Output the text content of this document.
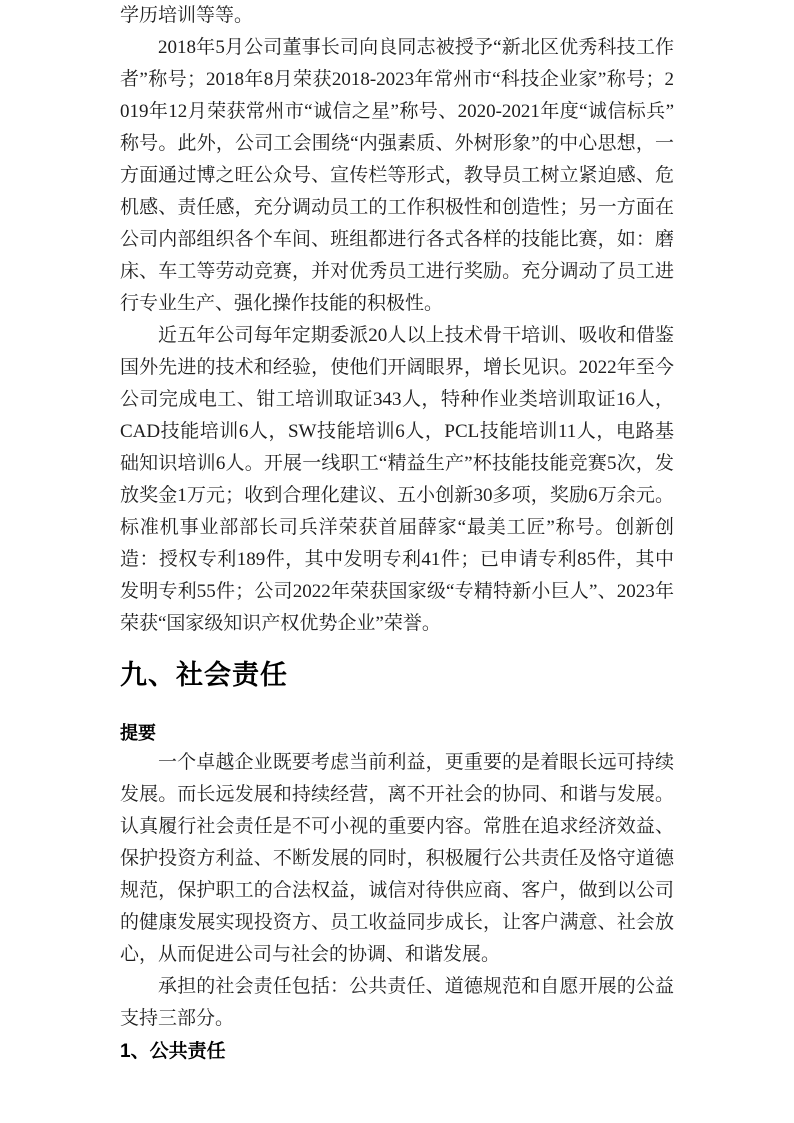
学历培训等等。

2018年5月公司董事长司向良同志被授予“新北区优秀科技工作者”称号；2018年8月荣获2018-2023年常州市“科技企业家”称号；2019年12月荣获常州市“诚信之星”称号、2020-2021年度“诚信标兵”称号。此外，公司工会围绕“内强素质、外树形象”的中心思想，一方面通过博之旺公众号、宣传栏等形式，教导员工树立紧迫感、危机感、责任感，充分调动员工的工作积极性和创造性；另一方面在公司内部组织各个车间、班组都进行各式各样的技能比赛，如：磨床、车工等劳动竞赛，并对优秀员工进行奖励。充分调动了员工进行专业生产、强化操作技能的积极性。

近五年公司每年定期委派20人以上技术骨干培训、吸收和借鉴国外先进的技术和经验，使他们开阔眼界，增长见识。2022年至今公司完成电工、钳工培训取证343人，特种作业类培训取证16人，CAD技能培训6人，SW技能培训6人，PCL技能培训11人，电路基础知识培训6人。开展一线职工“精益生产”杯技能技能竞赛5次，发放奖金1万元；收到合理化建议、五小创新30多项，奖励6万余元。标准机事业部部长司兵洋荣获首届薛家“最美工匠”称号。创新创造：授权专利189件，其中发明专利41件；已申请专利85件，其中发明专利55件；公司2022年荣获国家级“专精特新小巨人”、2023年荣获“国家级知识产权优势企业”荣誉。

九、社会责任
提要

一个卓越企业既要考虑当前利益，更重要的是着眼长远可持续发展。而长远发展和持续经营，离不开社会的协同、和谐与发展。认真履行社会责任是不可小视的重要内容。常胜在追求经济效益、保护投资方利益、不断发展的同时，积极履行公共责任及恪守道德规范，保护职工的合法权益，诚信对待供应商、客户，做到以公司的健康发展实现投资方、员工收益同步成长，让客户满意、社会放心，从而促进公司与社会的协调、和谐发展。

承担的社会责任包括：公共责任、道德规范和自愿开展的公益支持三部分。

1、公共责任
